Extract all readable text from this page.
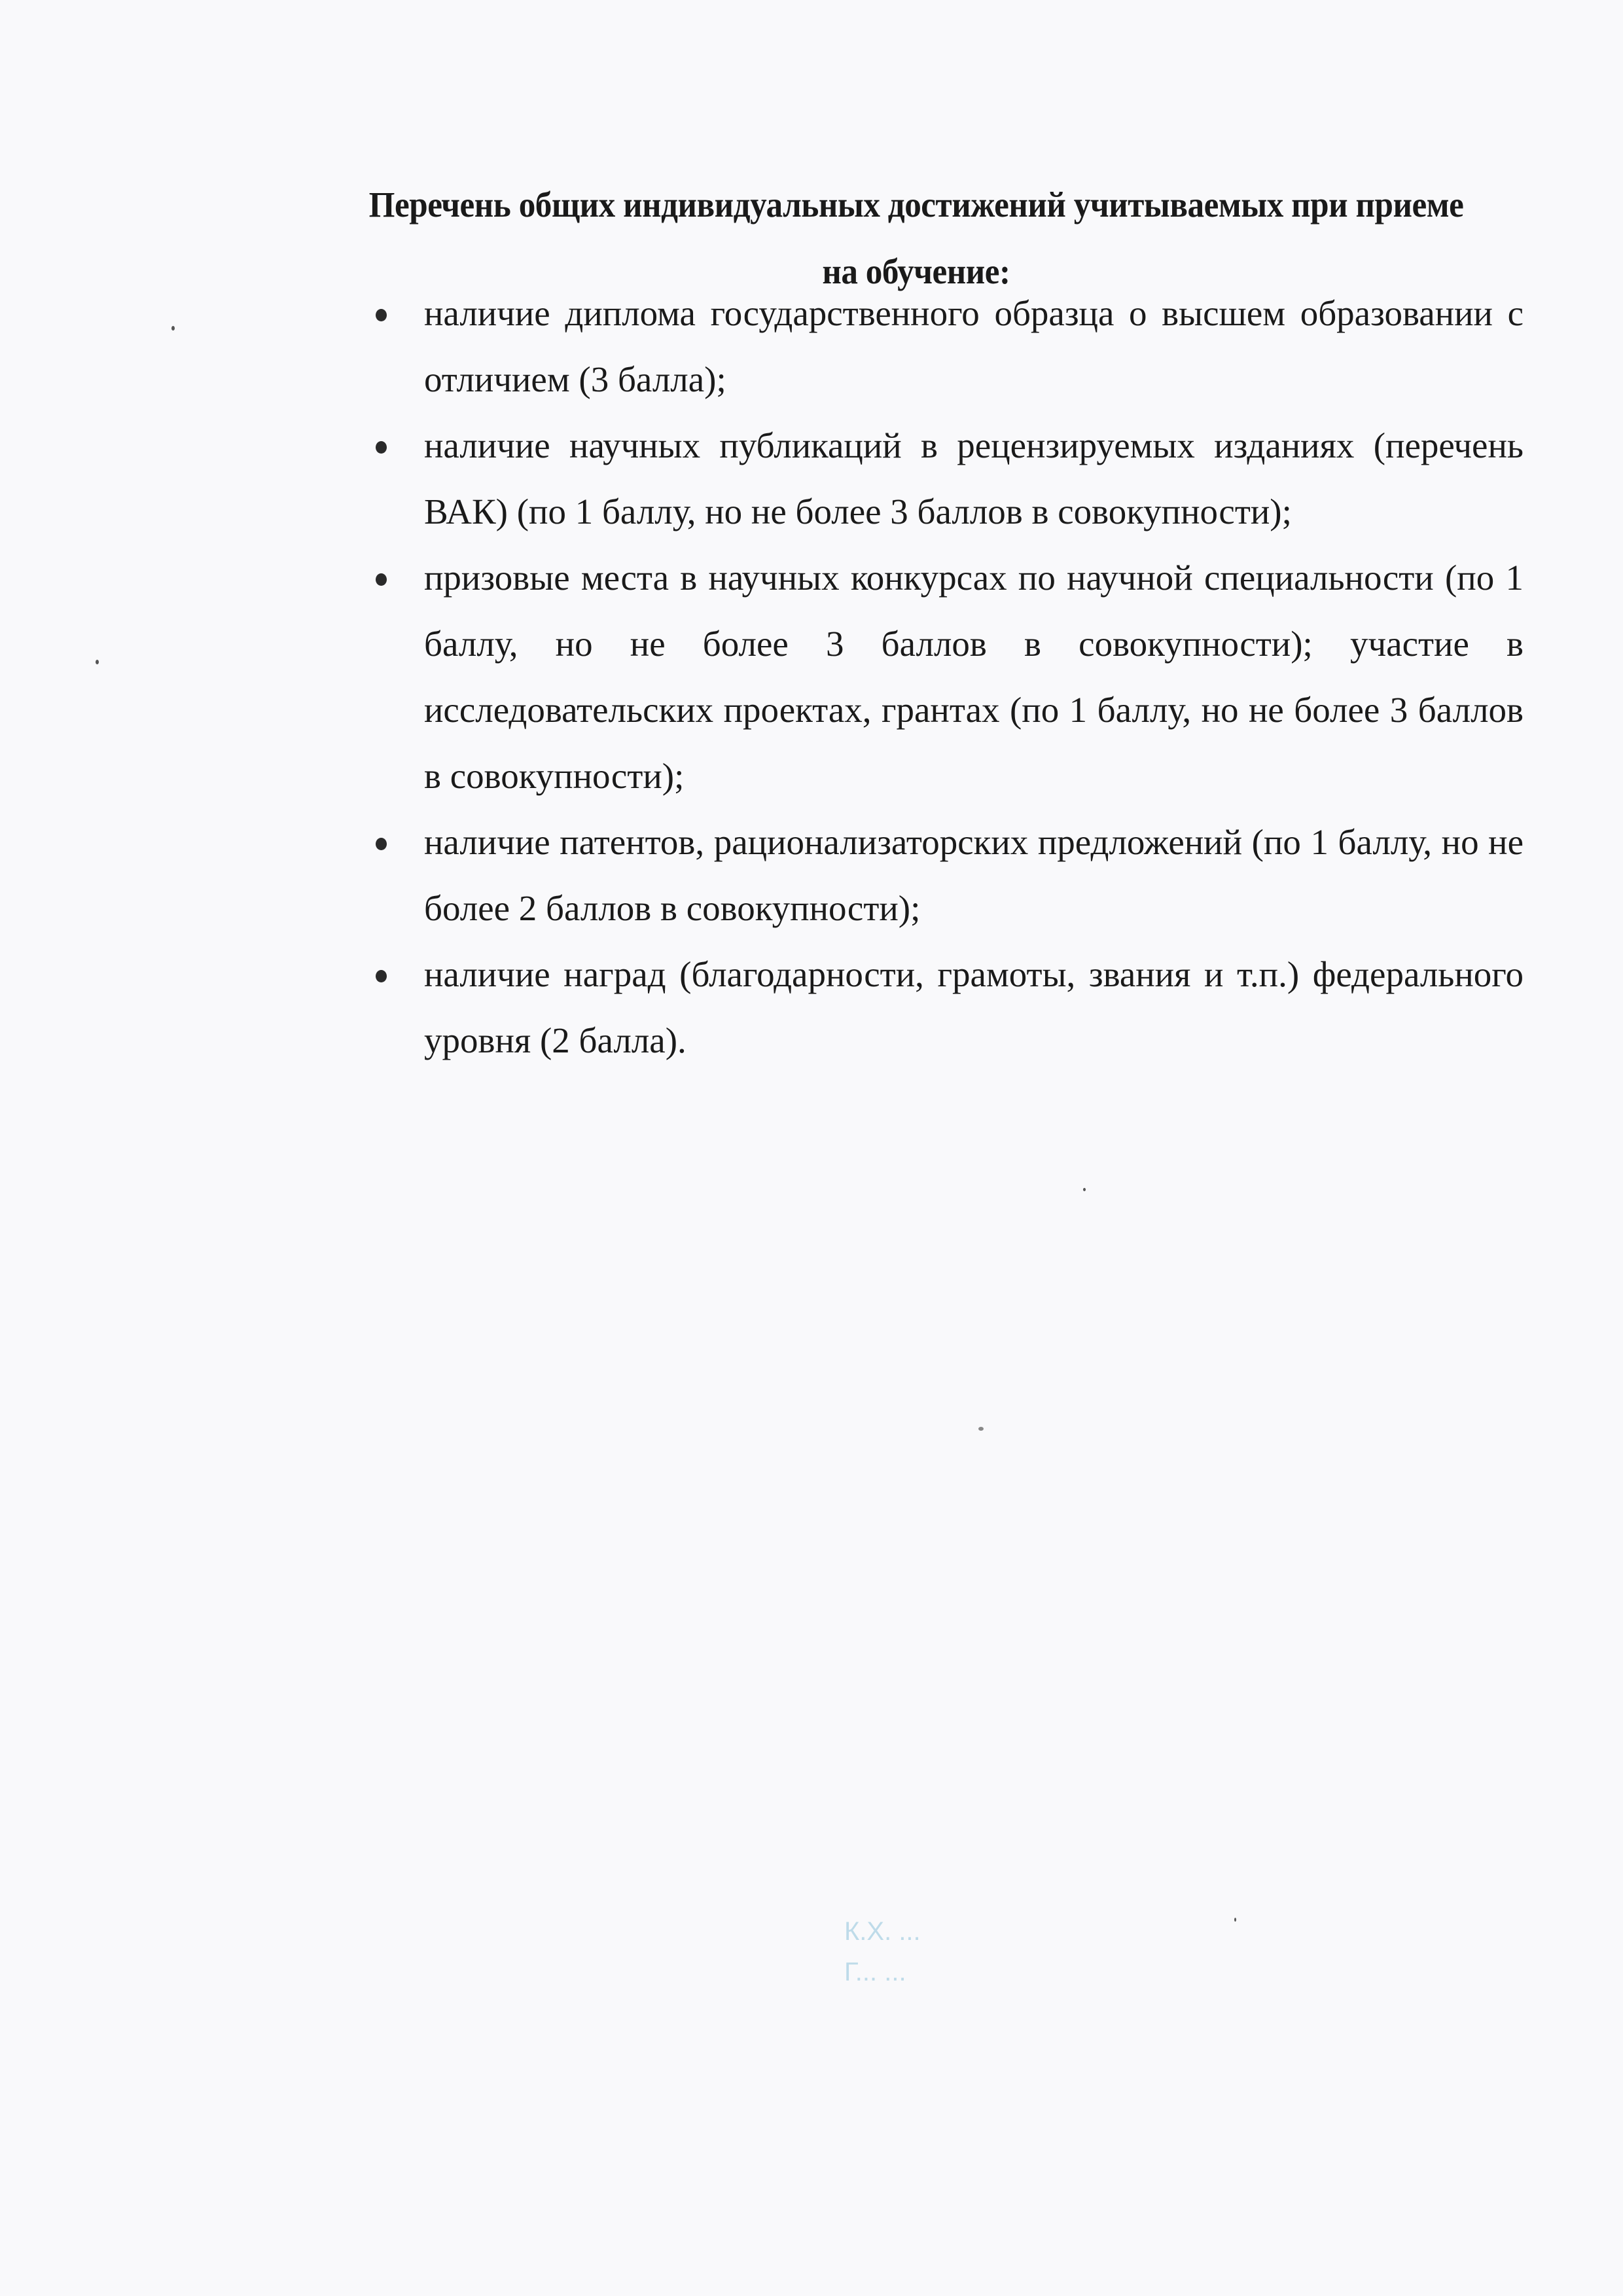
Перечень общих индивидуальных достижений учитываемых при приеме на обучение:
наличие диплома государственного образца о высшем образовании с отличием (3 балла);
наличие научных публикаций в рецензируемых изданиях (перечень ВАК) (по 1 баллу, но не более 3 баллов в совокупности);
призовые места в научных конкурсах по научной специальности (по 1 баллу, но не более 3 баллов в совокупности); участие в исследовательских проектах, грантах (по 1 баллу, но не более 3 баллов в совокупности);
наличие патентов, рационализаторских предложений (по 1 баллу, но не более 2 баллов в совокупности);
наличие наград (благодарности, грамоты, звания и т.п.) федерального уровня (2 балла).
К.Х. ...
Г... ...
